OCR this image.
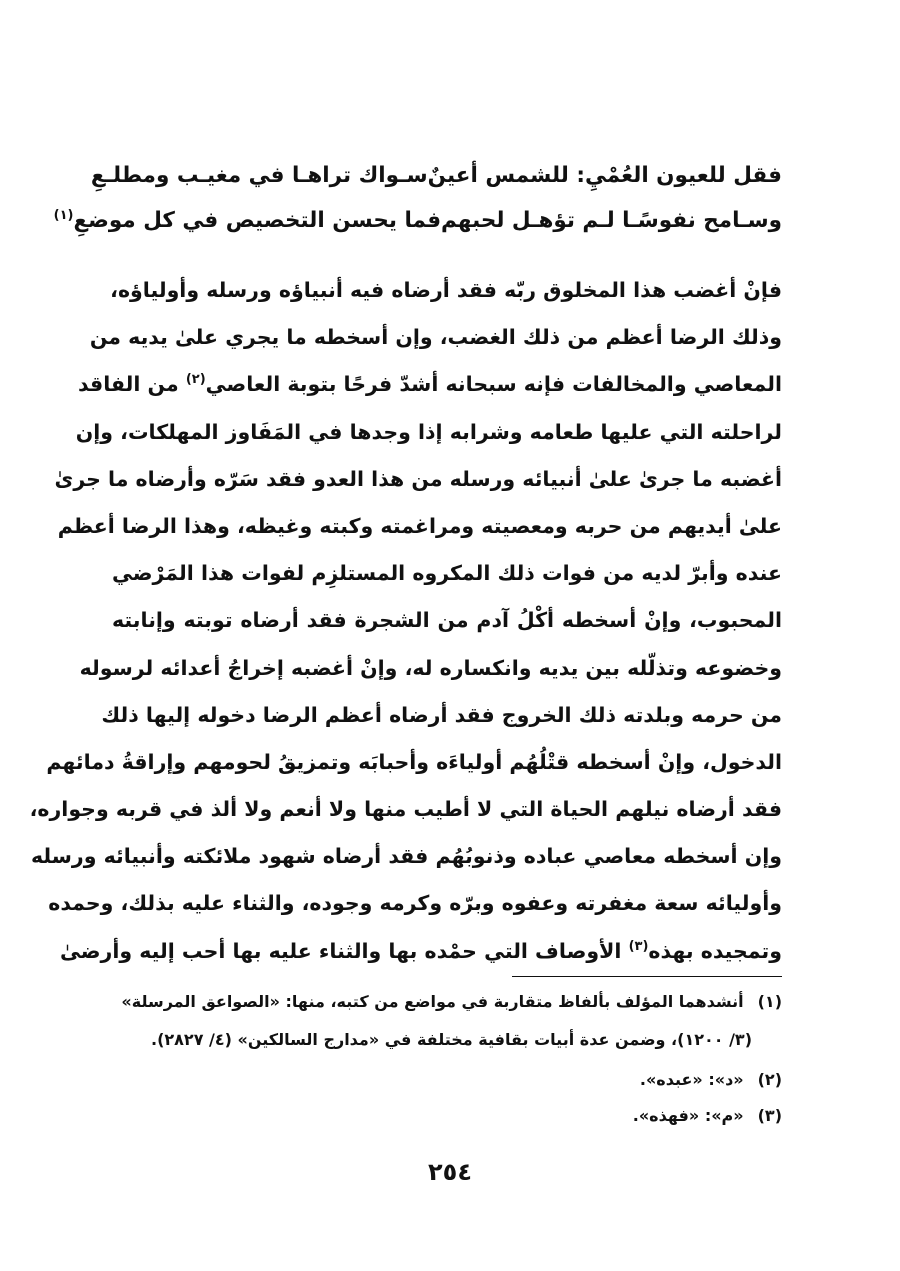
فقل للعيون العُمْيِ: للشمس أعينٌ
سـواك تراهـا في مغيـب ومطلـعِ
وسـامح نفوسًـا لـم تؤهـل لحبهم
فما يحسن التخصيص في كل موضعِ$^{(١)}$
فإنْ أغضب هذا المخلوق ربّه فقد أرضاه فيه أنبياؤه ورسله وأولياؤه،
وذلك الرضا أعظم من ذلك الغضب، وإن أسخطه ما يجري علىٰ يديه من
المعاصي والمخالفات فإنه سبحانه أشدّ فرحًا بتوبة العاصي$^{(٢)}$ من الفاقد
لراحلته التي عليها طعامه وشرابه إذا وجدها في المَفَاوز المهلكات، وإن
أغضبه ما جرىٰ علىٰ أنبيائه ورسله من هذا العدو فقد سَرّه وأرضاه ما جرىٰ
علىٰ أيديهم من حربه ومعصيته ومراغمته وكبته وغيظه، وهذا الرضا أعظم
عنده وأبرّ لديه من فوات ذلك المكروه المستلزِم لفوات هذا المَرْضي
المحبوب، وإنْ أسخطه أكْلُ آدم من الشجرة فقد أرضاه توبته وإنابته
وخضوعه وتذلّله بين يديه وانكساره له، وإنْ أغضبه إخراجُ أعدائه لرسوله
من حرمه وبلدته ذلك الخروج فقد أرضاه أعظم الرضا دخوله إليها ذلك
الدخول، وإنْ أسخطه قتْلُهُم أولياءَه وأحبابَه وتمزيقُ لحومهم وإراقةُ دمائهم
فقد أرضاه نيلهم الحياة التي لا أطيب منها ولا أنعم ولا ألذ في قربه وجواره،
وإن أسخطه معاصي عباده وذنوبُهُم فقد أرضاه شهود ملائكته وأنبيائه ورسله
وأوليائه سعة مغفرته وعفوه وبرّه وكرمه وجوده، والثناء عليه بذلك، وحمده
وتمجيده بهذه$^{(٣)}$ الأوصاف التي حمْده بها والثناء عليه بها أحب إليه وأرضىٰ
(١)أنشدهما المؤلف بألفاظ متقاربة في مواضع من كتبه، منها: «الصواعق المرسلة»
(٣/ ١٢٠٠)، وضمن عدة أبيات بقافية مختلفة في «مدارج السالكين» (٤/ ٢٨٢٧).
(٢)«د»: «عبده».
(٣)«م»: «فهذه».
٢٥٤
